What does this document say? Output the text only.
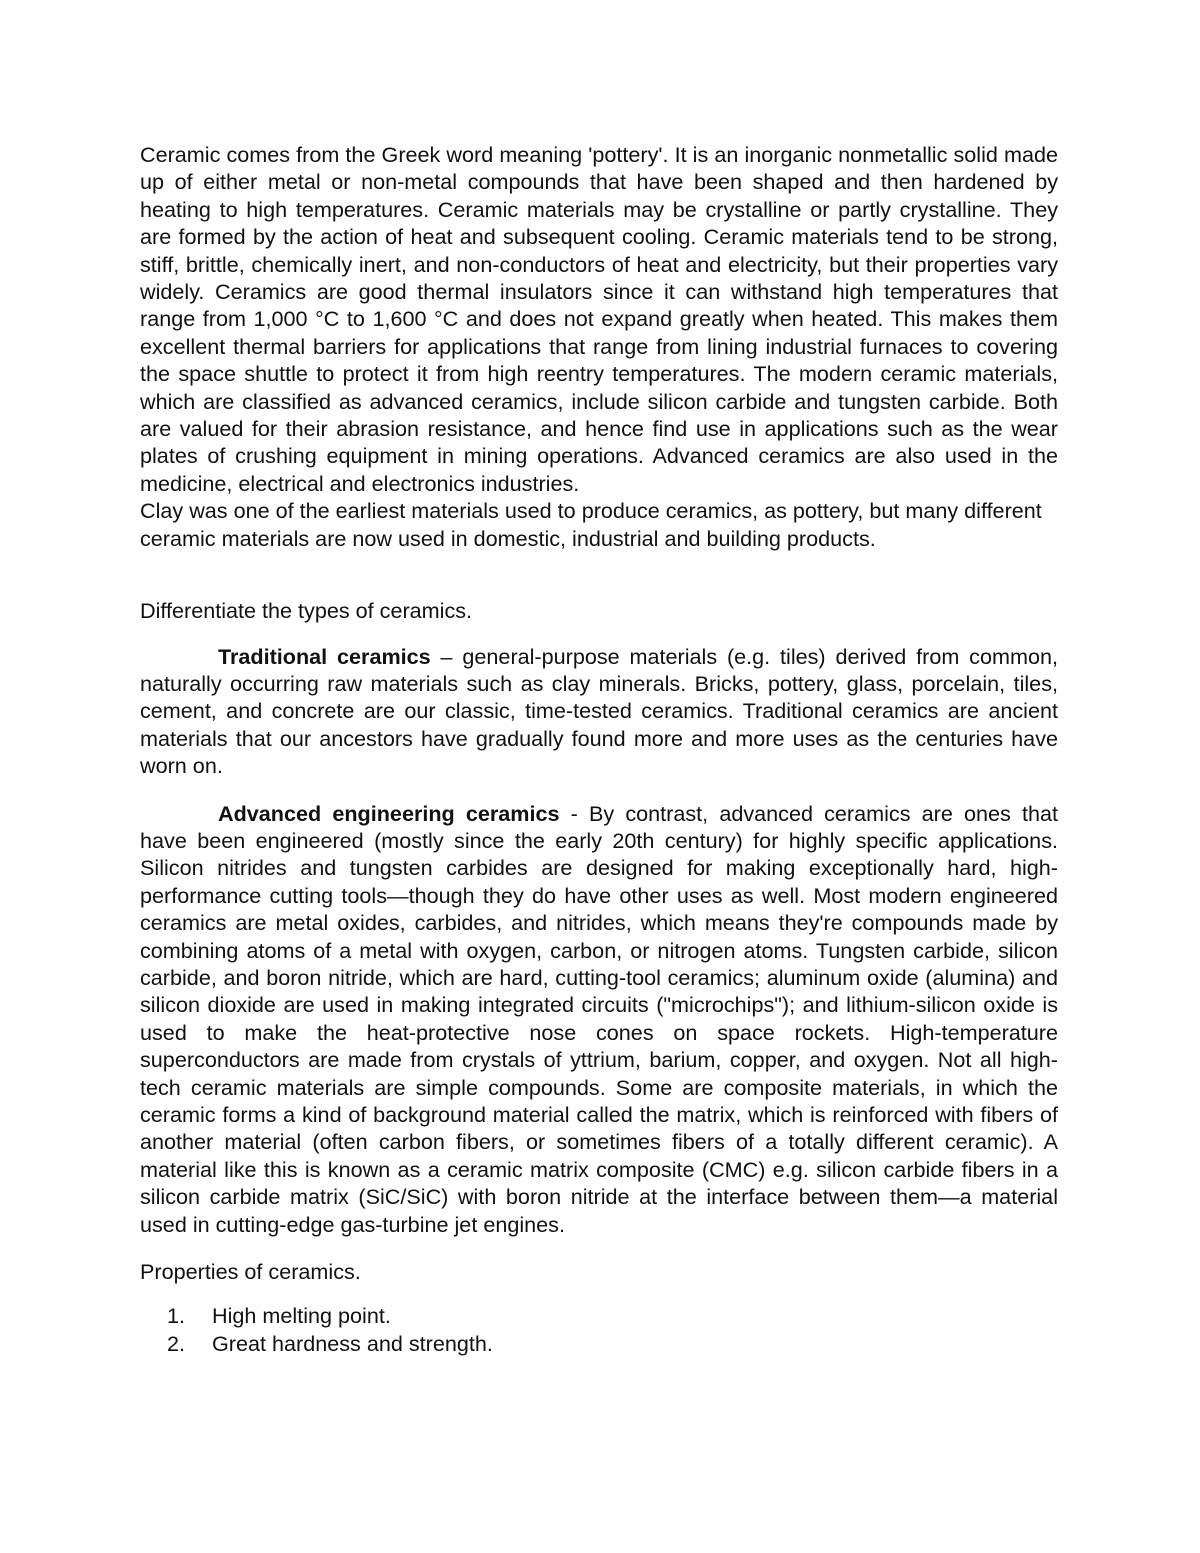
Ceramic comes from the Greek word meaning 'pottery'. It is an inorganic nonmetallic solid made up of either metal or non-metal compounds that have been shaped and then hardened by heating to high temperatures. Ceramic materials may be crystalline or partly crystalline. They are formed by the action of heat and subsequent cooling. Ceramic materials tend to be strong, stiff, brittle, chemically inert, and non-conductors of heat and electricity, but their properties vary widely. Ceramics are good thermal insulators since it can withstand high temperatures that range from 1,000 °C to 1,600 °C and does not expand greatly when heated. This makes them excellent thermal barriers for applications that range from lining industrial furnaces to covering the space shuttle to protect it from high reentry temperatures. The modern ceramic materials, which are classified as advanced ceramics, include silicon carbide and tungsten carbide. Both are valued for their abrasion resistance, and hence find use in applications such as the wear plates of crushing equipment in mining operations. Advanced ceramics are also used in the medicine, electrical and electronics industries.

Clay was one of the earliest materials used to produce ceramics, as pottery, but many different ceramic materials are now used in domestic, industrial and building products.

Differentiate the types of ceramics.

Traditional ceramics – general-purpose materials (e.g. tiles) derived from common, naturally occurring raw materials such as clay minerals. Bricks, pottery, glass, porcelain, tiles, cement, and concrete are our classic, time-tested ceramics. Traditional ceramics are ancient materials that our ancestors have gradually found more and more uses as the centuries have worn on.

Advanced engineering ceramics - By contrast, advanced ceramics are ones that have been engineered (mostly since the early 20th century) for highly specific applications. Silicon nitrides and tungsten carbides are designed for making exceptionally hard, high-performance cutting tools—though they do have other uses as well. Most modern engineered ceramics are metal oxides, carbides, and nitrides, which means they're compounds made by combining atoms of a metal with oxygen, carbon, or nitrogen atoms. Tungsten carbide, silicon carbide, and boron nitride, which are hard, cutting-tool ceramics; aluminum oxide (alumina) and silicon dioxide are used in making integrated circuits ("microchips"); and lithium-silicon oxide is used to make the heat-protective nose cones on space rockets. High-temperature superconductors are made from crystals of yttrium, barium, copper, and oxygen. Not all high-tech ceramic materials are simple compounds. Some are composite materials, in which the ceramic forms a kind of background material called the matrix, which is reinforced with fibers of another material (often carbon fibers, or sometimes fibers of a totally different ceramic). A material like this is known as a ceramic matrix composite (CMC) e.g. silicon carbide fibers in a silicon carbide matrix (SiC/SiC) with boron nitride at the interface between them—a material used in cutting-edge gas-turbine jet engines.

Properties of ceramics.

1.	High melting point.
2.	Great hardness and strength.
